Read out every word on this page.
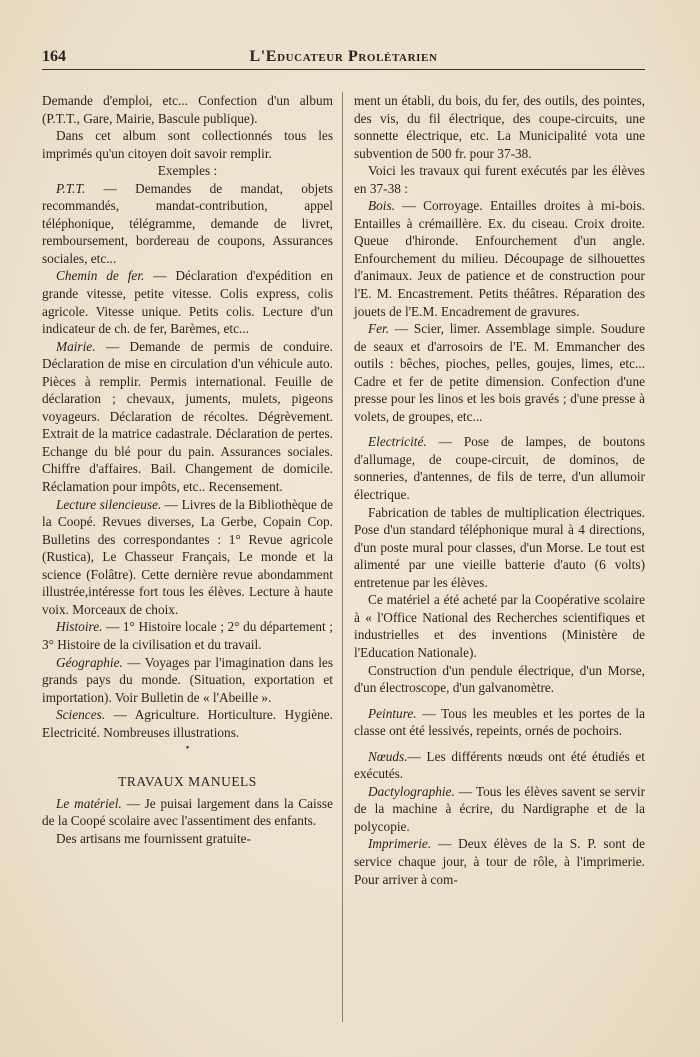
164	L'Educateur Prolétarien
Demande d'emploi, etc... Confection d'un album (P.T.T., Gare, Mairie, Bascule publique).
Dans cet album sont collectionnés tous les imprimés qu'un citoyen doit savoir remplir.
Exemples :
P.T.T. — Demandes de mandat, objets recommandés, mandat-contribution, appel téléphonique, télégramme, demande de livret, remboursement, bordereau de coupons, Assurances sociales, etc...
Chemin de fer. — Déclaration d'expédition en grande vitesse, petite vitesse. Colis express, colis agricole. Vitesse unique. Petits colis. Lecture d'un indicateur de ch. de fer, Barèmes, etc...
Mairie. — Demande de permis de conduire. Déclaration de mise en circulation d'un véhicule auto. Pièces à remplir. Permis international. Feuille de déclaration ; chevaux, juments, mulets, pigeons voyageurs. Déclaration de récoltes. Dégrèvement. Extrait de la matrice cadastrale. Déclaration de pertes. Echange du blé pour du pain. Assurances sociales. Chiffre d'affaires. Bail. Changement de domicile. Réclamation pour impôts, etc.. Recensement.
Lecture silencieuse. — Livres de la Bibliothèque de la Coopé. Revues diverses, La Gerbe, Copain Cop. Bulletins des correspondantes : 1° Revue agricole (Rustica), Le Chasseur Français, Le monde et la science (Folâtre). Cette dernière revue abondamment illustrée,intéresse fort tous les élèves. Lecture à haute voix. Morceaux de choix.
Histoire. — 1° Histoire locale ; 2° du département ; 3° Histoire de la civilisation et du travail.
Géographie. — Voyages par l'imagination dans les grands pays du monde. (Situation, exportation et importation). Voir Bulletin de « l'Abeille ».
Sciences. — Agriculture. Horticulture. Hygiène. Electricité. Nombreuses illustrations.
•
TRAVAUX MANUELS
Le matériel. — Je puisai largement dans la Caisse de la Coopé scolaire avec l'assentiment des enfants.
Des artisans me fournissent gratuite-
ment un établi, du bois, du fer, des outils, des pointes, des vis, du fil électrique, des coupe-circuits, une sonnette électrique, etc. La Municipalité vota une subvention de 500 fr. pour 37-38.
Voici les travaux qui furent exécutés par les élèves en 37-38 :
Bois. — Corroyage. Entailles droites à mi-bois. Entailles à crémaillère. Ex. du ciseau. Croix droite. Queue d'hironde. Enfourchement d'un angle. Enfourchement du milieu. Découpage de silhouettes d'animaux. Jeux de patience et de construction pour l'E. M. Encastrement. Petits théâtres. Réparation des jouets de l'E.M. Encadrement de gravures.
Fer. — Scier, limer. Assemblage simple. Soudure de seaux et d'arrosoirs de l'E. M. Emmancher des outils : bêches, pioches, pelles, goujes, limes, etc... Cadre et fer de petite dimension. Confection d'une presse pour les linos et les bois gravés ; d'une presse à volets, de groupes, etc...
Electricité. — Pose de lampes, de boutons d'allumage, de coupe-circuit, de dominos, de sonneries, d'antennes, de fils de terre, d'un allumoir électrique.
Fabrication de tables de multiplication électriques. Pose d'un standard téléphonique mural à 4 directions, d'un poste mural pour classes, d'un Morse. Le tout est alimenté par une vieille batterie d'auto (6 volts) entretenue par les élèves.
Ce matériel a été acheté par la Coopérative scolaire à « l'Office National des Recherches scientifiques et industrielles et des inventions (Ministère de l'Education Nationale).
Construction d'un pendule électrique, d'un Morse, d'un électroscope, d'un galvanomètre.
Peinture. — Tous les meubles et les portes de la classe ont été lessivés, repeints, ornés de pochoirs.
Nœuds.— Les différents nœuds ont été étudiés et exécutés.
Dactylographie. — Tous les élèves savent se servir de la machine à écrire, du Nardigraphe et de la polycopie.
Imprimerie. — Deux élèves de la S. P. sont de service chaque jour, à tour de rôle, à l'imprimerie. Pour arriver à com-
